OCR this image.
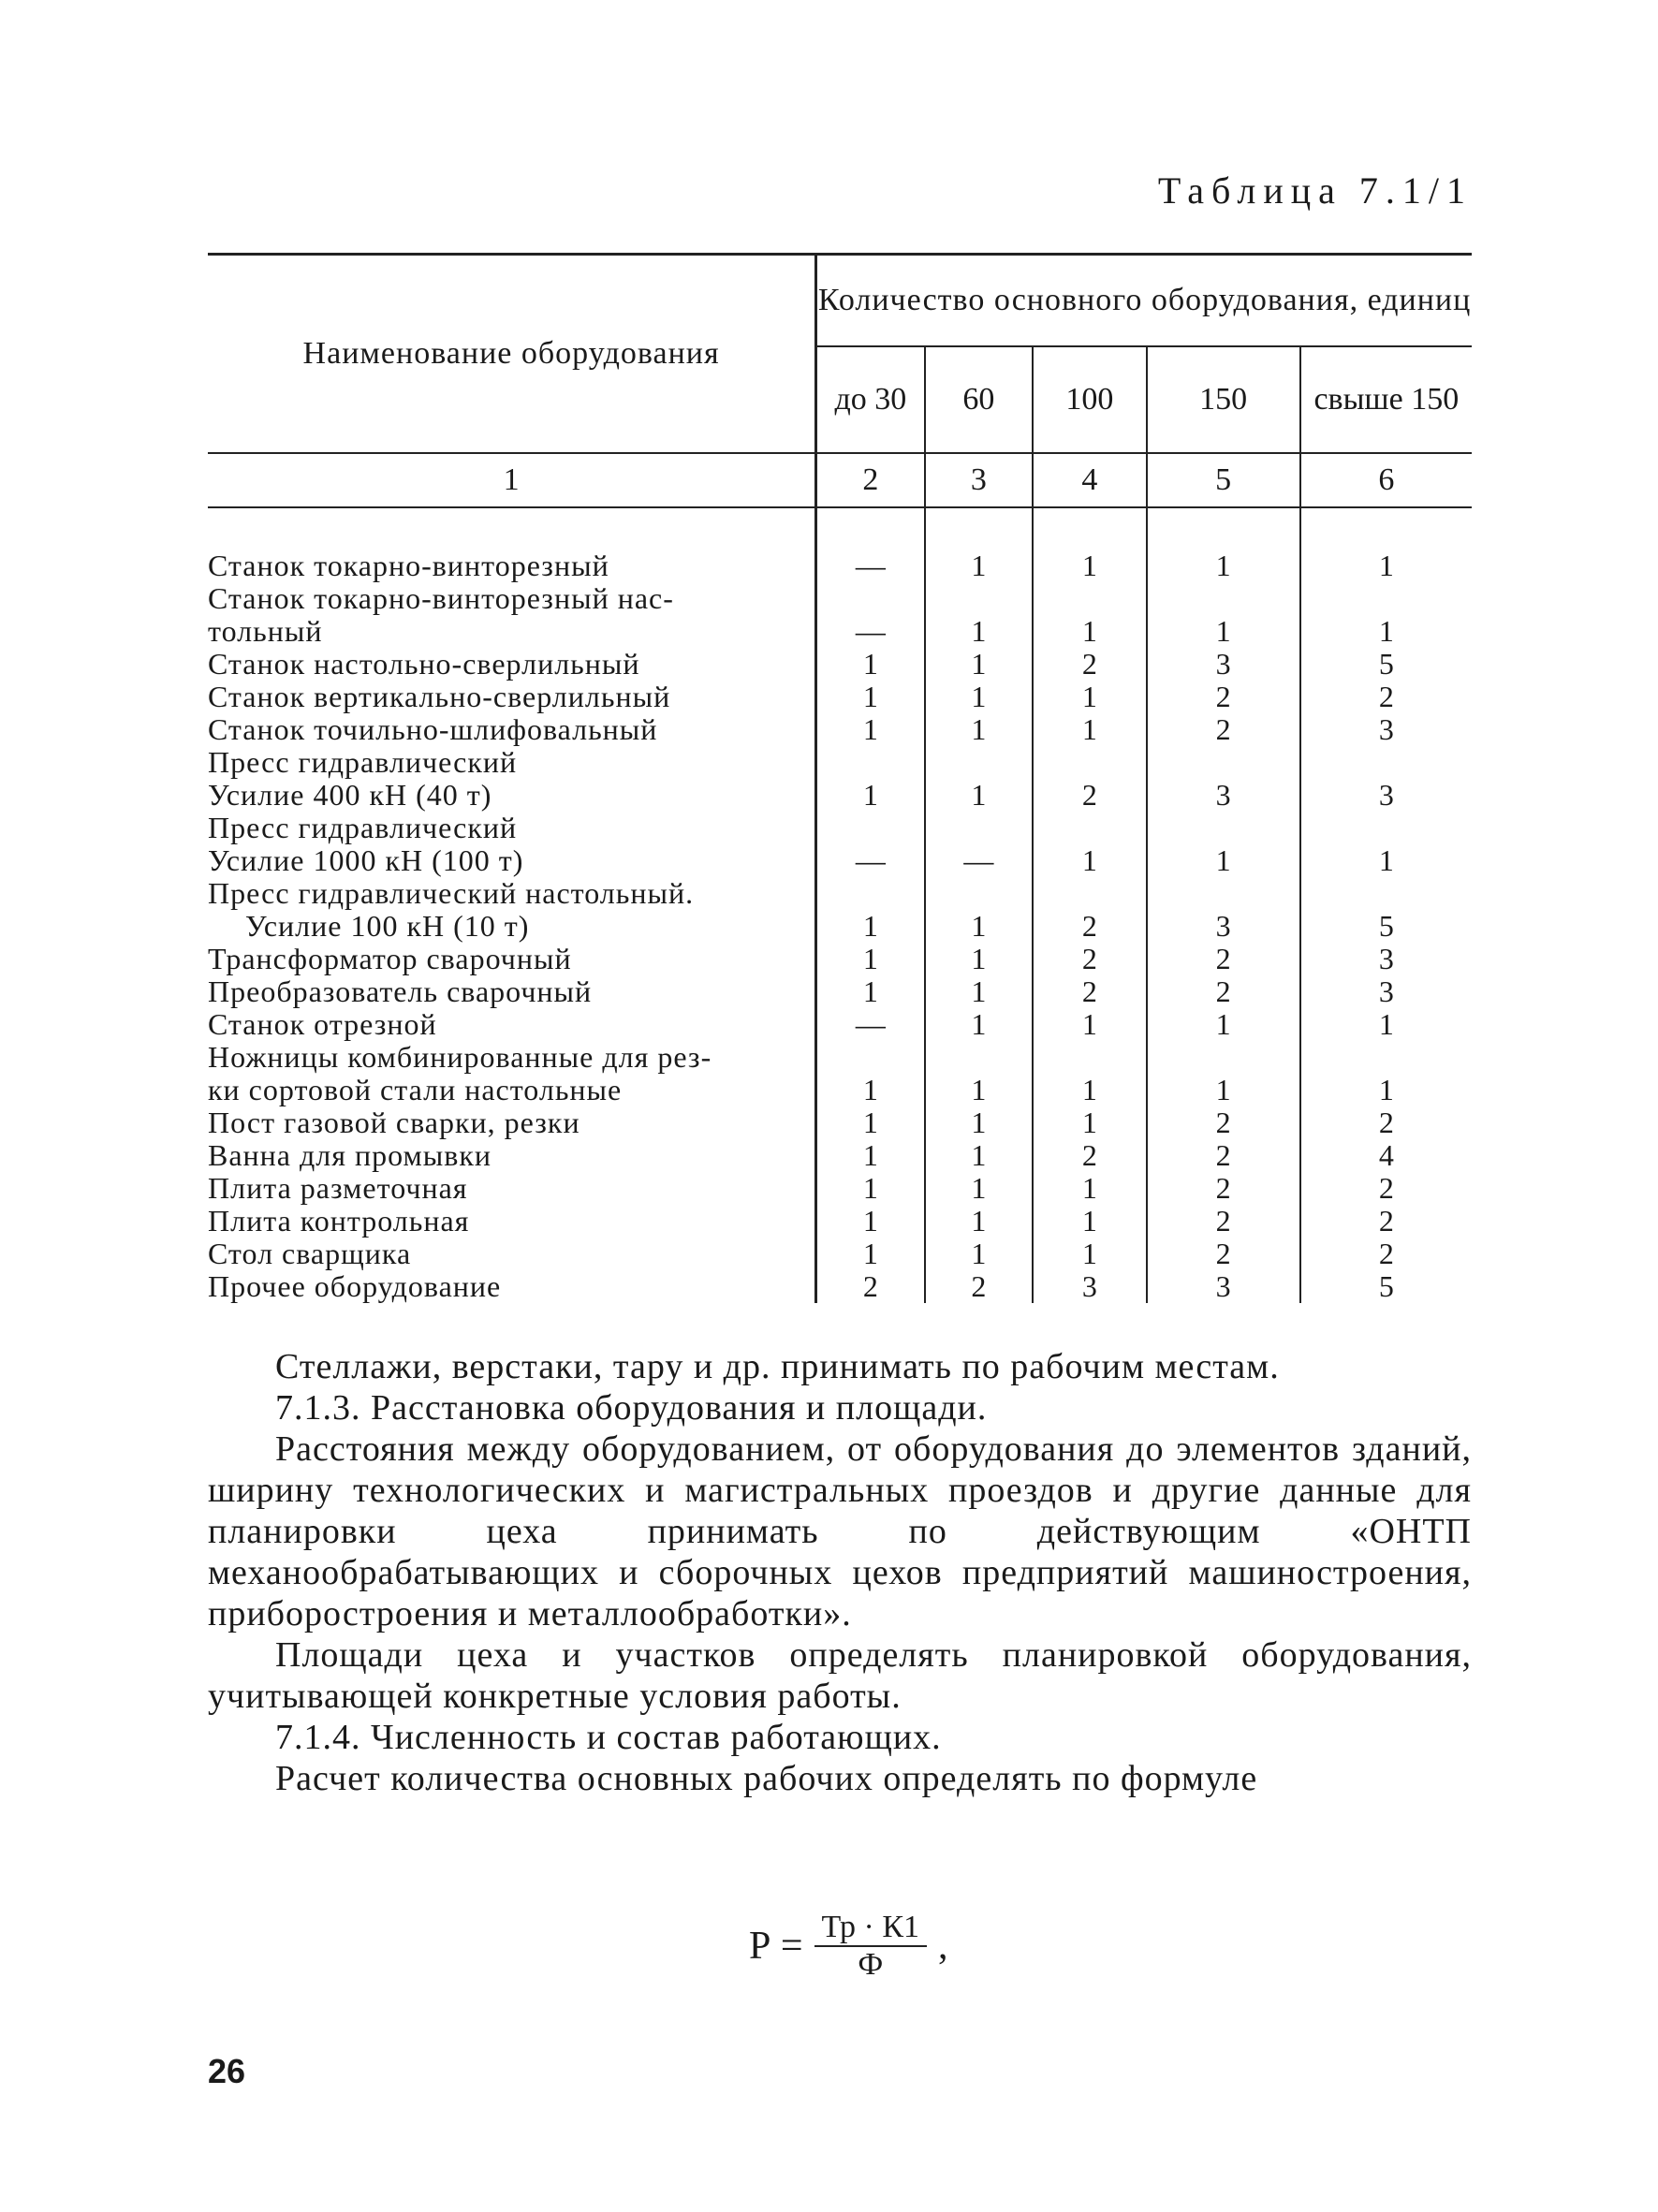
Таблица 7.1/1

Наименование оборудования	Количество основного оборудования, единиц				
	до 30	60	100	150	свыше 150
1	2	3	4	5	6

Станок токарно-винторезный	—	1	1	1	1

Станок токарно-винторезный нас-
тольный	—	1	1	1	1

Станок настольно-сверлильный	1	1	2	3	5

Станок вертикально-сверлильный	1	1	1	2	2

Станок точильно-шлифовальный	1	1	1	2	3

Пресс гидравлический
Усилие 400 кН (40 т)	1	1	2	3	3

Пресс гидравлический
Усилие 1000 кН (100 т)	—	—	1	1	1

Пресс гидравлический настольный.
Усилие 100 кН (10 т)	1	1	2	3	5

Трансформатор сварочный	1	1	2	2	3

Преобразователь сварочный	1	1	2	2	3

Станок отрезной	—	1	1	1	1

Ножницы комбинированные для рез-
ки сортовой стали настольные	1	1	1	1	1

Пост газовой сварки, резки	1	1	1	2	2

Ванна для промывки	1	1	2	2	4

Плита разметочная	1	1	1	2	2

Плита контрольная	1	1	1	2	2

Стол сварщика	1	1	1	2	2

Прочее оборудование	2	2	3	3	5

Стеллажи, верстаки, тару и др. принимать по рабочим местам.

7.1.3. Расстановка оборудования и площади.

Расстояния между оборудованием, от оборудования до элементов зданий, ширину технологических и магистральных проездов и другие данные для планировки цеха принимать по действующим «ОНТП механообрабатывающих и сборочных цехов предприятий машиностроения, приборостроения и металлообработки».

Площади цеха и участков определять планировкой оборудования, учитывающей конкретные условия работы.

7.1.4. Численность и состав работающих.

Расчет количества основных рабочих определять по формуле

$Р = \frac{Тр \cdot К1}{Ф}$ ,
26
